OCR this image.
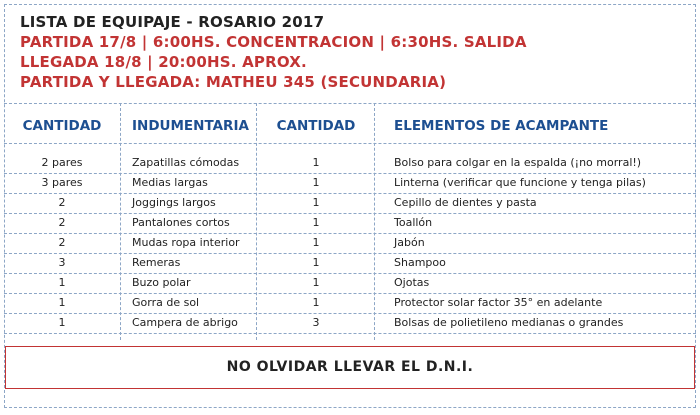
LISTA DE EQUIPAJE - ROSARIO 2017
PARTIDA 17/8 | 6:00HS. CONCENTRACION | 6:30HS. SALIDA
LLEGADA 18/8 | 20:00HS. APROX.
PARTIDA Y LLEGADA: MATHEU 345 (SECUNDARIA)
CANTIDAD	INDUMENTARIA	CANTIDAD	ELEMENTOS DE ACAMPANTE
2 pares	Zapatillas cómodas	1	Bolso para colgar en la espalda (¡no morral!)
3 pares	Medias largas	1	Linterna (verificar que funcione y tenga pilas)
2	Joggings largos	1	Cepillo de dientes y pasta
2	Pantalones cortos	1	Toallón
2	Mudas ropa interior	1	Jabón
3	Remeras	1	Shampoo
1	Buzo polar	1	Ojotas
1	Gorra de sol	1	Protector solar factor 35° en adelante
1	Campera de abrigo	3	Bolsas de polietileno medianas o grandes
NO OLVIDAR LLEVAR EL D.N.I.
